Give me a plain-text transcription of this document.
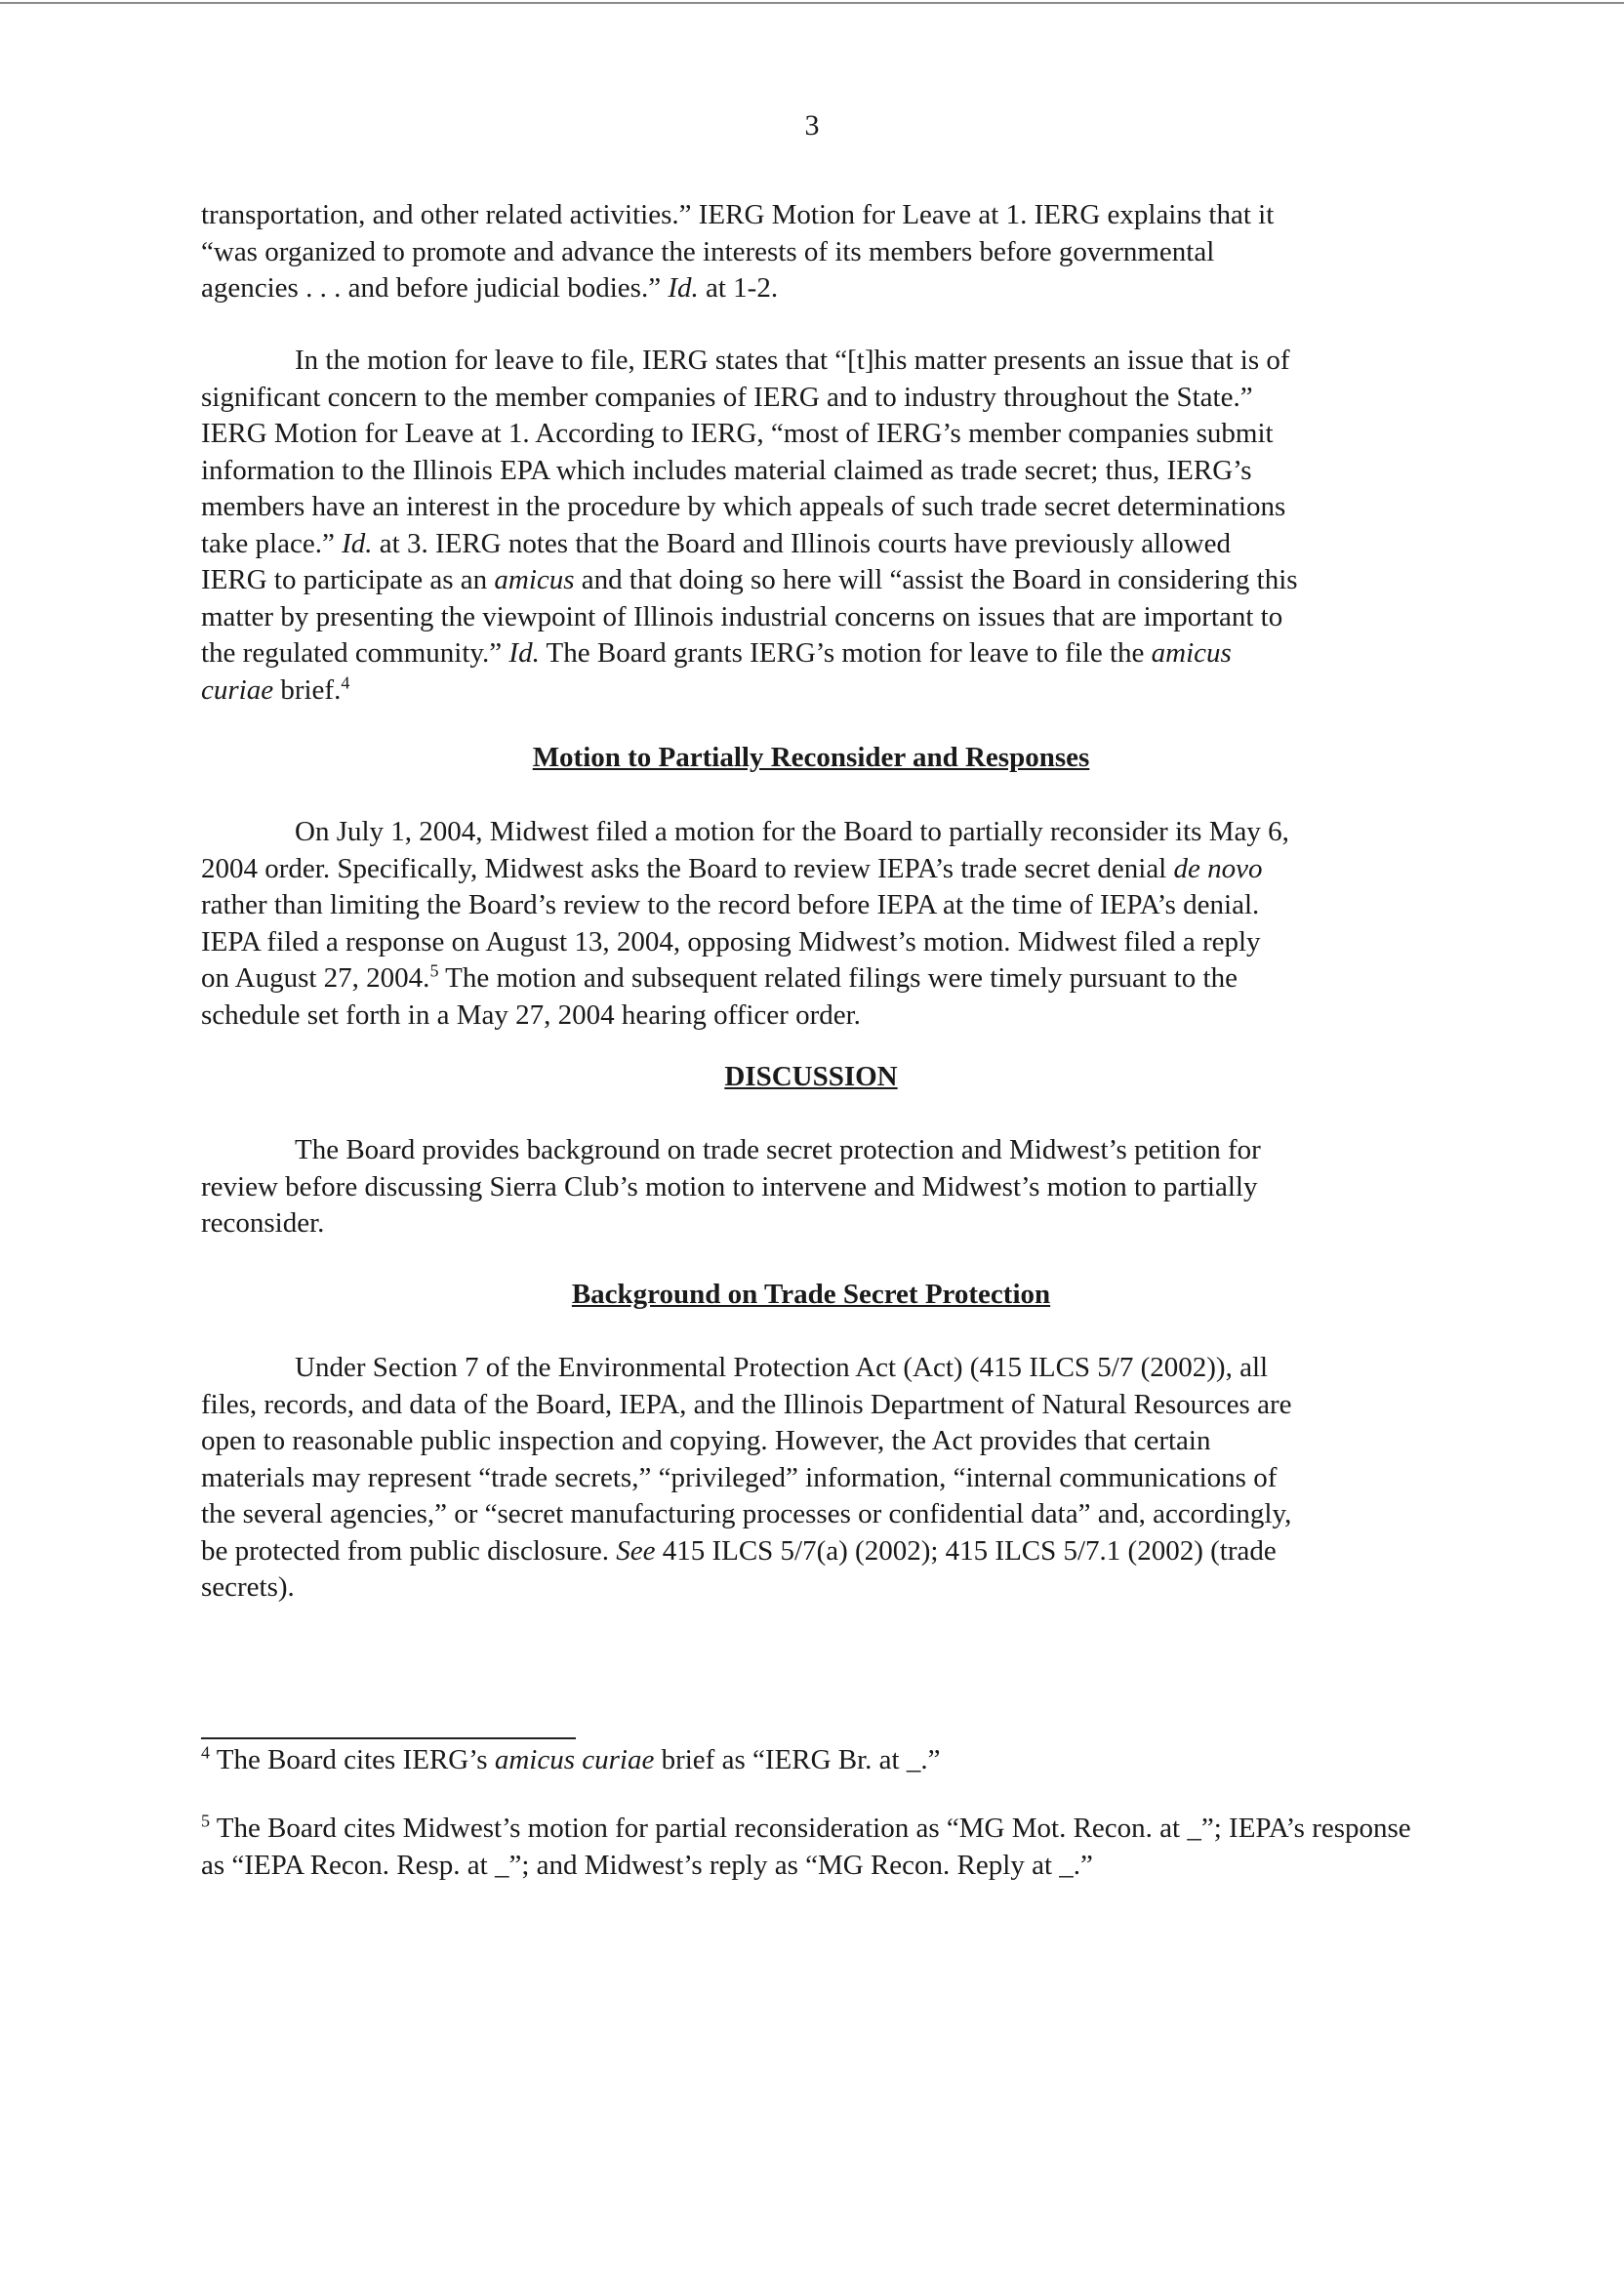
3
transportation, and other related activities.” IERG Motion for Leave at 1. IERG explains that it
“was organized to promote and advance the interests of its members before governmental
agencies . . . and before judicial bodies.” Id. at 1-2.
In the motion for leave to file, IERG states that “[t]his matter presents an issue that is of
significant concern to the member companies of IERG and to industry throughout the State.”
IERG Motion for Leave at 1. According to IERG, “most of IERG’s member companies submit
information to the Illinois EPA which includes material claimed as trade secret; thus, IERG’s
members have an interest in the procedure by which appeals of such trade secret determinations
take place.” Id. at 3. IERG notes that the Board and Illinois courts have previously allowed
IERG to participate as an amicus and that doing so here will “assist the Board in considering this
matter by presenting the viewpoint of Illinois industrial concerns on issues that are important to
the regulated community.” Id. The Board grants IERG’s motion for leave to file the amicus
curiae brief.$^4$
Motion to Partially Reconsider and Responses
On July 1, 2004, Midwest filed a motion for the Board to partially reconsider its May 6,
2004 order. Specifically, Midwest asks the Board to review IEPA’s trade secret denial de novo
rather than limiting the Board’s review to the record before IEPA at the time of IEPA’s denial.
IEPA filed a response on August 13, 2004, opposing Midwest’s motion. Midwest filed a reply
on August 27, 2004.$^5$ The motion and subsequent related filings were timely pursuant to the
schedule set forth in a May 27, 2004 hearing officer order.
DISCUSSION
The Board provides background on trade secret protection and Midwest’s petition for
review before discussing Sierra Club’s motion to intervene and Midwest’s motion to partially
reconsider.
Background on Trade Secret Protection
Under Section 7 of the Environmental Protection Act (Act) (415 ILCS 5/7 (2002)), all
files, records, and data of the Board, IEPA, and the Illinois Department of Natural Resources are
open to reasonable public inspection and copying. However, the Act provides that certain
materials may represent “trade secrets,” “privileged” information, “internal communications of
the several agencies,” or “secret manufacturing processes or confidential data” and, accordingly,
be protected from public disclosure. See 415 ILCS 5/7(a) (2002); 415 ILCS 5/7.1 (2002) (trade
secrets).
$^4$ The Board cites IERG’s amicus curiae brief as “IERG Br. at _.”
$^5$ The Board cites Midwest’s motion for partial reconsideration as “MG Mot. Recon. at _”; IEPA’s response as “IEPA Recon. Resp. at _”; and Midwest’s reply as “MG Recon. Reply at _.”
